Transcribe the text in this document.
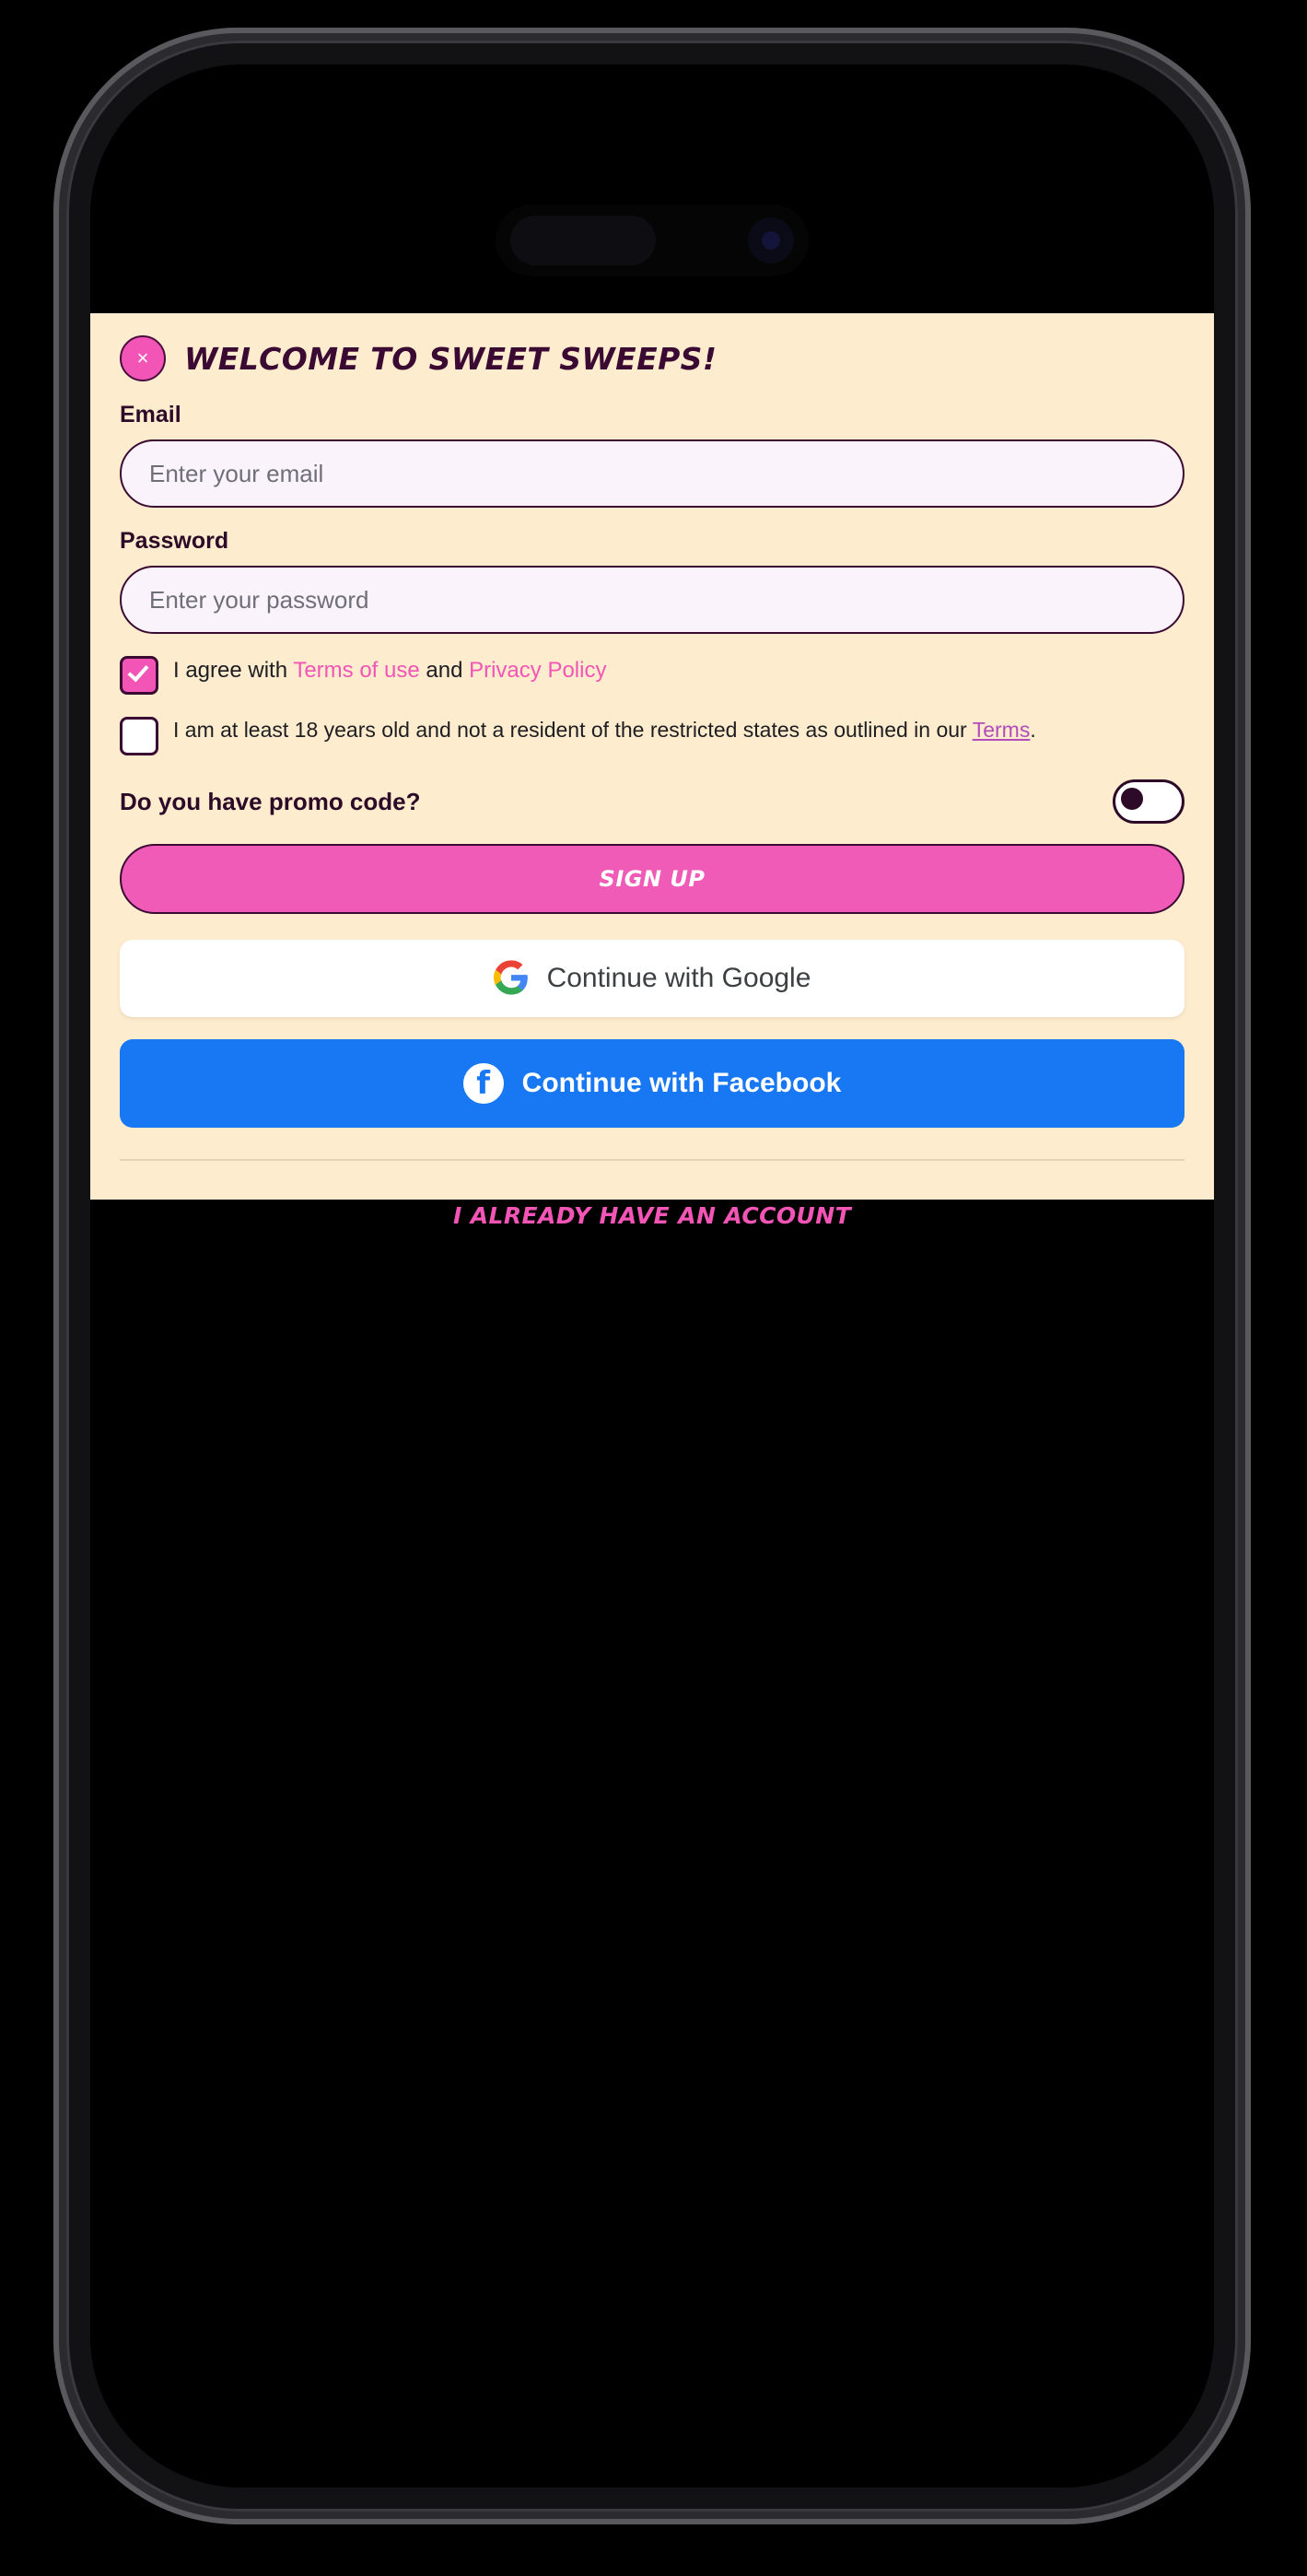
×	WELCOME TO SWEET SWEEPS!
Email
Enter your email
Password
I agree with Terms of use and Privacy Policy
I am at least 18 years old and not a resident of the restricted states as outlined in our Terms.
Do you have promo code?
SIGN UP
Continue with Google
f	Continue with Facebook
I ALREADY HAVE AN ACCOUNT
